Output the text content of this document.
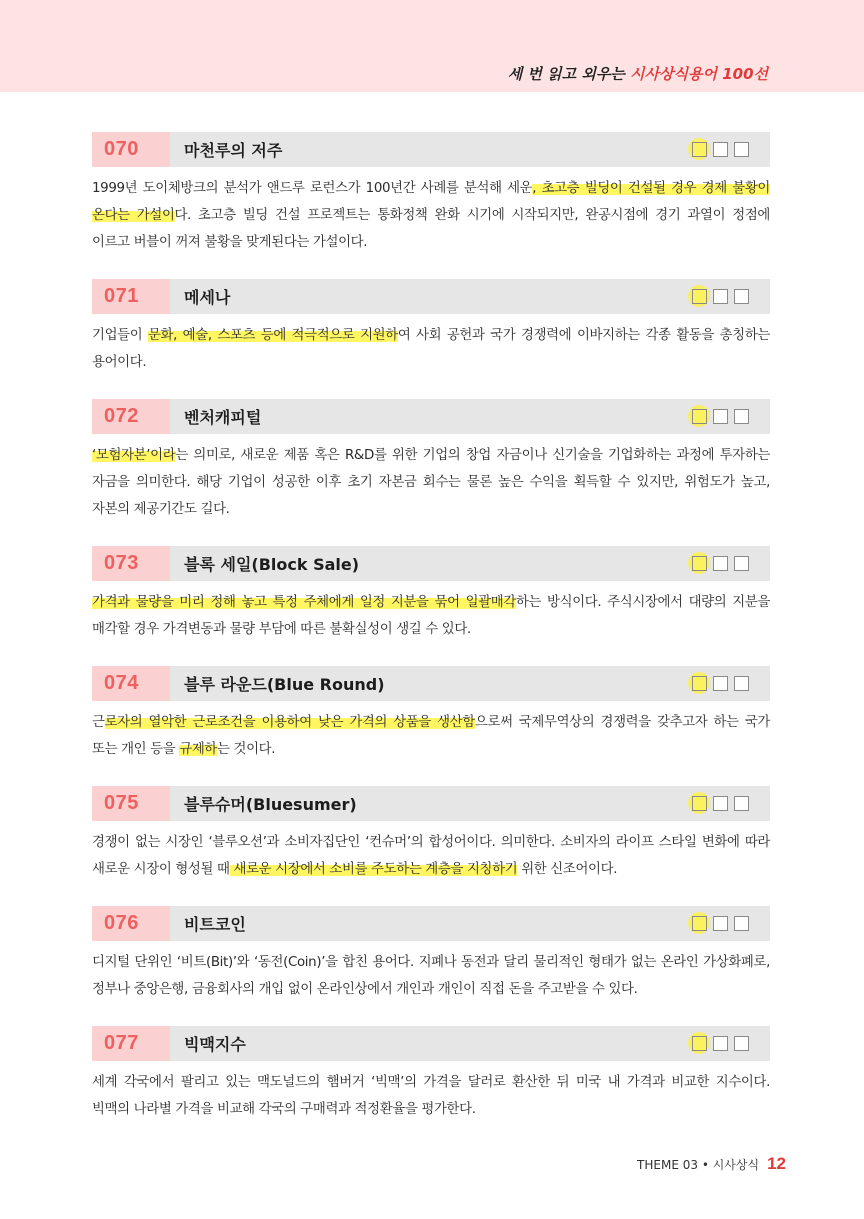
세 번 읽고 외우는 시사상식용어 100선
070	마천루의 저주

1999년 도이체방크의 분석가 앤드루 로런스가 100년간 사례를 분석해 세운, 초고층 빌딩이 건설될 경우 경제 불황이 온다는 가설이다. 초고층 빌딩 건설 프로젝트는 통화정책 완화 시기에 시작되지만, 완공시점에 경기 과열이 정점에 이르고 버블이 꺼져 불황을 맞게된다는 가설이다.

071	메세나

기업들이 문화, 예술, 스포츠 등에 적극적으로 지원하여 사회 공헌과 국가 경쟁력에 이바지하는 각종 활동을 총칭하는 용어이다.

072	벤처캐피털

‘모험자본’이라는 의미로, 새로운 제품 혹은 R&D를 위한 기업의 창업 자금이나 신기술을 기업화하는 과정에 투자하는 자금을 의미한다. 해당 기업이 성공한 이후 초기 자본금 회수는 물론 높은 수익을 획득할 수 있지만, 위험도가 높고, 자본의 제공기간도 길다.

073	블록 세일(Block Sale)

가격과 물량을 미리 정해 놓고 특정 주체에게 일정 지분을 묶어 일괄매각하는 방식이다. 주식시장에서 대량의 지분을 매각할 경우 가격변동과 물량 부담에 따른 불확실성이 생길 수 있다.

074	블루 라운드(Blue Round)

근로자의 열악한 근로조건을 이용하여 낮은 가격의 상품을 생산함으로써 국제무역상의 경쟁력을 갖추고자 하는 국가 또는 개인 등을 규제하는 것이다.

075	블루슈머(Bluesumer)

경쟁이 없는 시장인 ‘블루오션’과 소비자집단인 ‘컨슈머’의 합성어이다. 의미한다. 소비자의 라이프 스타일 변화에 따라 새로운 시장이 형성될 때 새로운 시장에서 소비를 주도하는 계층을 지칭하기 위한 신조어이다.

076	비트코인

디지털 단위인 ‘비트(Bit)’와 ‘동전(Coin)’을 합친 용어다. 지폐나 동전과 달리 물리적인 형태가 없는 온라인 가상화폐로, 정부나 중앙은행, 금융회사의 개입 없이 온라인상에서 개인과 개인이 직접 돈을 주고받을 수 있다.

077	빅맥지수

세계 각국에서 팔리고 있는 맥도널드의 햄버거 ‘빅맥’의 가격을 달러로 환산한 뒤 미국 내 가격과 비교한 지수이다. 빅맥의 나라별 가격을 비교해 각국의 구매력과 적정환율을 평가한다.

THEME 03 • 시사상식 12
